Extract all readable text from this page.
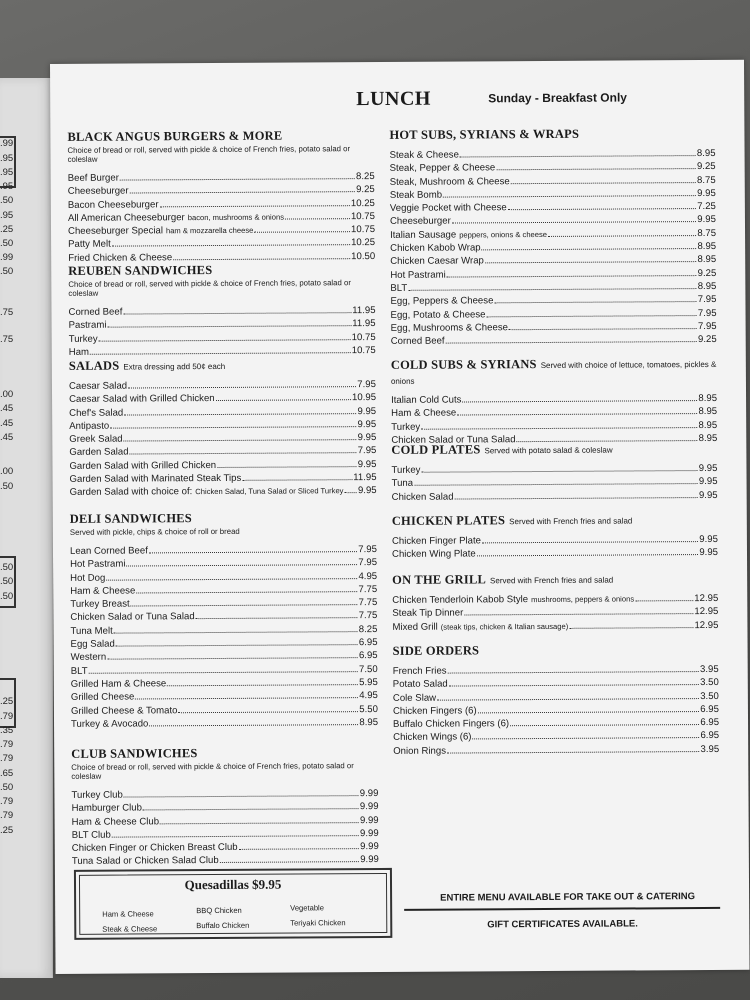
.99
.95
.95
.95
.50
.95
.25
.50
.99
.50
.75
.75
.00
.45
.45
.45
.00
.50
.50
.50
.50
.25
.79
.35
.79
.79
.65
.50
.79
.79
.25
LUNCH	Sunday - Breakfast Only
BLACK ANGUS BURGERS & MORE
Choice of bread or roll, served with pickle & choice of French fries, potato salad or coleslaw
Beef Burger	8.25
Cheeseburger	9.25
Bacon Cheeseburger	10.25
All American Cheeseburger bacon, mushrooms & onions	10.75
Cheeseburger Special ham & mozzarella cheese	10.75
Patty Melt	10.25
Fried Chicken & Cheese	10.50
REUBEN SANDWICHES
Choice of bread or roll, served with pickle & choice of French fries, potato salad or coleslaw
Corned Beef	11.95
Pastrami	11.95
Turkey	10.75
Ham	10.75
SALADS Extra dressing add 50¢ each
Caesar Salad	7.95
Caesar Salad with Grilled Chicken	10.95
Chef's Salad	9.95
Antipasto	9.95
Greek Salad	9.95
Garden Salad	7.95
Garden Salad with Grilled Chicken	9.95
Garden Salad with Marinated Steak Tips	11.95
Garden Salad with choice of: Chicken Salad, Tuna Salad or Sliced Turkey 9.95
DELI SANDWICHES
Served with pickle, chips & choice of roll or bread
Lean Corned Beef	7.95
Hot Pastrami	7.95
Hot Dog	4.95
Ham & Cheese	7.75
Turkey Breast	7.75
Chicken Salad or Tuna Salad	7.75
Tuna Melt	8.25
Egg Salad	6.95
Western	6.95
BLT	7.50
Grilled Ham & Cheese	5.95
Grilled Cheese	4.95
Grilled Cheese & Tomato	5.50
Turkey & Avocado	8.95
CLUB SANDWICHES
Choice of bread or roll, served with pickle & choice of French fries, potato salad or coleslaw
Turkey Club	9.99
Hamburger Club	9.99
Ham & Cheese Club	9.99
BLT Club	9.99
Chicken Finger or Chicken Breast Club	9.99
Tuna Salad or Chicken Salad Club	9.99
HOT SUBS, SYRIANS & WRAPS
Steak & Cheese	8.95
Steak, Pepper & Cheese	9.25
Steak, Mushroom & Cheese	8.75
Steak Bomb	9.95
Veggie Pocket with Cheese	7.25
Cheeseburger	9.95
Italian Sausage peppers, onions & cheese	8.75
Chicken Kabob Wrap	8.95
Chicken Caesar Wrap	8.95
Hot Pastrami	9.25
BLT	8.95
Egg, Peppers & Cheese	7.95
Egg, Potato & Cheese	7.95
Egg, Mushrooms & Cheese	7.95
Corned Beef	9.25
COLD SUBS & SYRIANS Served with choice of lettuce, tomatoes, pickles & onions
Italian Cold Cuts	8.95
Ham & Cheese	8.95
Turkey	8.95
Chicken Salad or Tuna Salad	8.95
COLD PLATES Served with potato salad & coleslaw
Turkey	9.95
Tuna	9.95
Chicken Salad	9.95
CHICKEN PLATES Served with French fries and salad
Chicken Finger Plate	9.95
Chicken Wing Plate	9.95
ON THE GRILL Served with French fries and salad
Chicken Tenderloin Kabob Style mushrooms, peppers & onions	12.95
Steak Tip Dinner	12.95
Mixed Grill (steak tips, chicken & Italian sausage)	12.95
SIDE ORDERS
French Fries	3.95
Potato Salad	3.50
Cole Slaw	3.50
Chicken Fingers (6)	6.95
Buffalo Chicken Fingers (6)	6.95
Chicken Wings (6)	6.95
Onion Rings	3.95
Quesadillas $9.95
Ham & Cheese	BBQ Chicken	Vegetable
Steak & Cheese	Buffalo Chicken	Teriyaki Chicken
ENTIRE MENU AVAILABLE FOR TAKE OUT & CATERING
GIFT CERTIFICATES AVAILABLE.
